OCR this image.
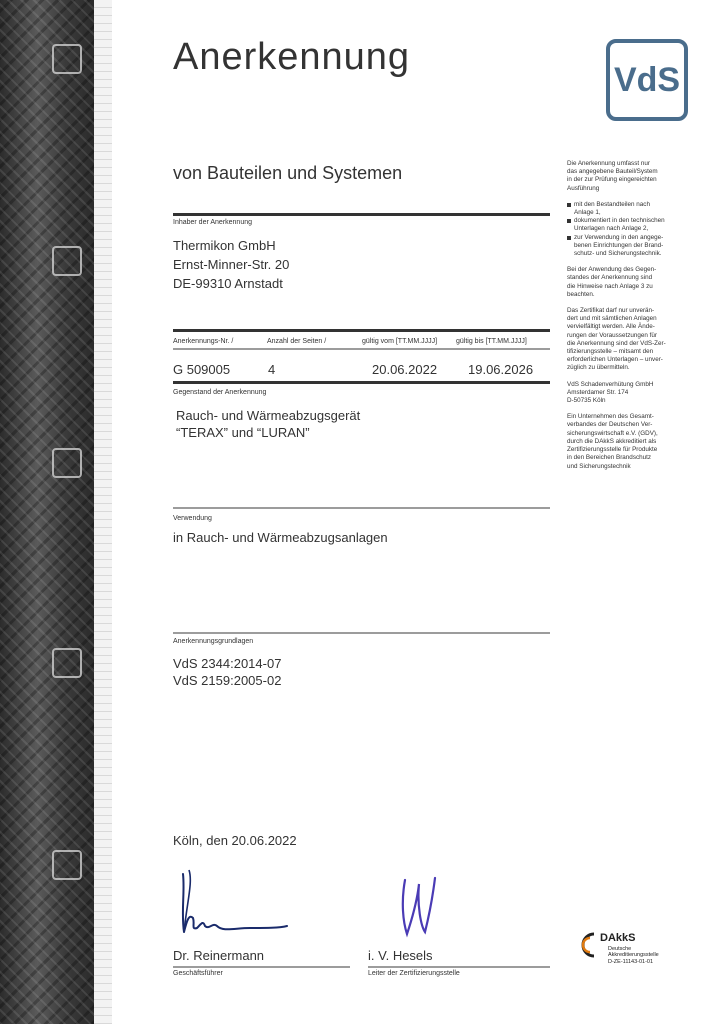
Anerkennung
VdS
von Bauteilen und Systemen
Inhaber der Anerkennung
Thermikon GmbH
Ernst-Minner-Str. 20
DE-99310 Arnstadt
Anerkennungs-Nr. /	Anzahl der Seiten /	gültig vom [TT.MM.JJJJ]	gültig bis [TT.MM.JJJJ]
G 509005	4	20.06.2022 19.06.2026
Gegenstand der Anerkennung
Rauch- und Wärmeabzugsgerät
“TERAX” und “LURAN”
Verwendung
in Rauch- und Wärmeabzugsanlagen
Anerkennungsgrundlagen
VdS 2344:2014-07
VdS 2159:2005-02
Köln, den 20.06.2022
Dr. Reinermann	i. V. Hesels
Geschäftsführer	Leiter der Zertifizierungsstelle

Die Anerkennung umfasst nur
das angegebene Bauteil/System
in der zur Prüfung eingereichten
Ausführung

mit den Bestandteilen nach
Anlage 1,
dokumentiert in den technischen
Unterlagen nach Anlage 2,
zur Verwendung in den angege-
benen Einrichtungen der Brand-
schutz- und Sicherungstechnik.

Bei der Anwendung des Gegen-
standes der Anerkennung sind
die Hinweise nach Anlage 3 zu
beachten.

Das Zertifikat darf nur unverän-
dert und mit sämtlichen Anlagen
vervielfältigt werden. Alle Ände-
rungen der Voraussetzungen für
die Anerkennung sind der VdS-Zer-
tifizierungsstelle – mitsamt den
erforderlichen Unterlagen – unver-
züglich zu übermitteln.

VdS Schadenverhütung GmbH
Amsterdamer Str. 174
D-50735 Köln

Ein Unternehmen des Gesamt-
verbandes der Deutschen Ver-
sicherungswirtschaft e.V. (GDV),
durch die DAkkS akkreditiert als
Zertifizierungsstelle für Produkte
in den Bereichen Brandschutz
und Sicherungstechnik

DAkkS
Deutsche
Akkreditierungsstelle
D-ZE-11143-01-01
